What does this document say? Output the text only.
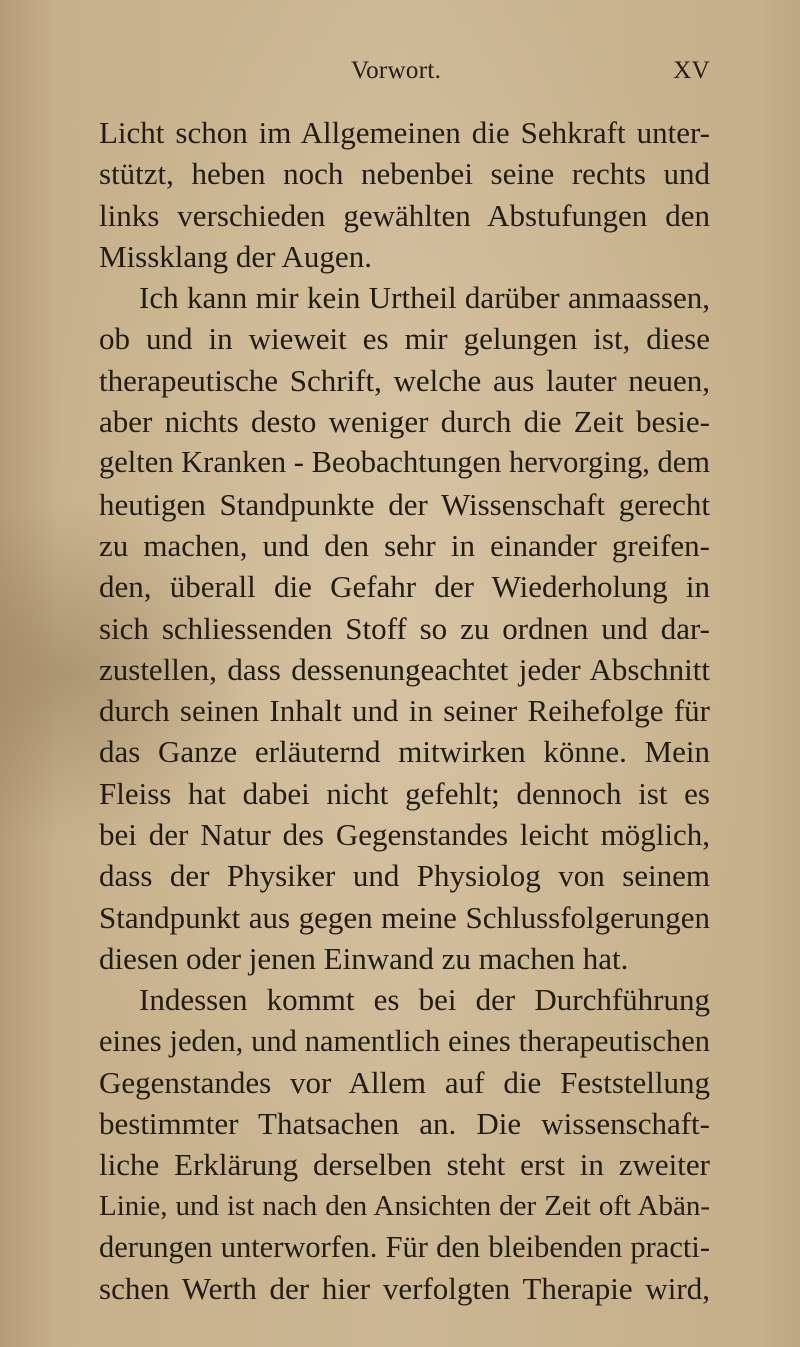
Vorwort.	XV
Licht schon im Allgemeinen die Sehkraft unter-
stützt, heben noch nebenbei seine rechts und
links verschieden gewählten Abstufungen den
Missklang der Augen.
Ich kann mir kein Urtheil darüber anmaassen,
ob und in wieweit es mir gelungen ist, diese
therapeutische Schrift, welche aus lauter neuen,
aber nichts desto weniger durch die Zeit besie-
gelten Kranken - Beobachtungen hervorging, dem
heutigen Standpunkte der Wissenschaft gerecht
zu machen, und den sehr in einander greifen-
den, überall die Gefahr der Wiederholung in
sich schliessenden Stoff so zu ordnen und dar-
zustellen, dass dessenungeachtet jeder Abschnitt
durch seinen Inhalt und in seiner Reihefolge für
das Ganze erläuternd mitwirken könne. Mein
Fleiss hat dabei nicht gefehlt; dennoch ist es
bei der Natur des Gegenstandes leicht möglich,
dass der Physiker und Physiolog von seinem
Standpunkt aus gegen meine Schlussfolgerungen
diesen oder jenen Einwand zu machen hat.
Indessen kommt es bei der Durchführung
eines jeden, und namentlich eines therapeutischen
Gegenstandes vor Allem auf die Feststellung
bestimmter Thatsachen an. Die wissenschaft-
liche Erklärung derselben steht erst in zweiter
Linie, und ist nach den Ansichten der Zeit oft Abän-
derungen unterworfen. Für den bleibenden practi-
schen Werth der hier verfolgten Therapie wird,
